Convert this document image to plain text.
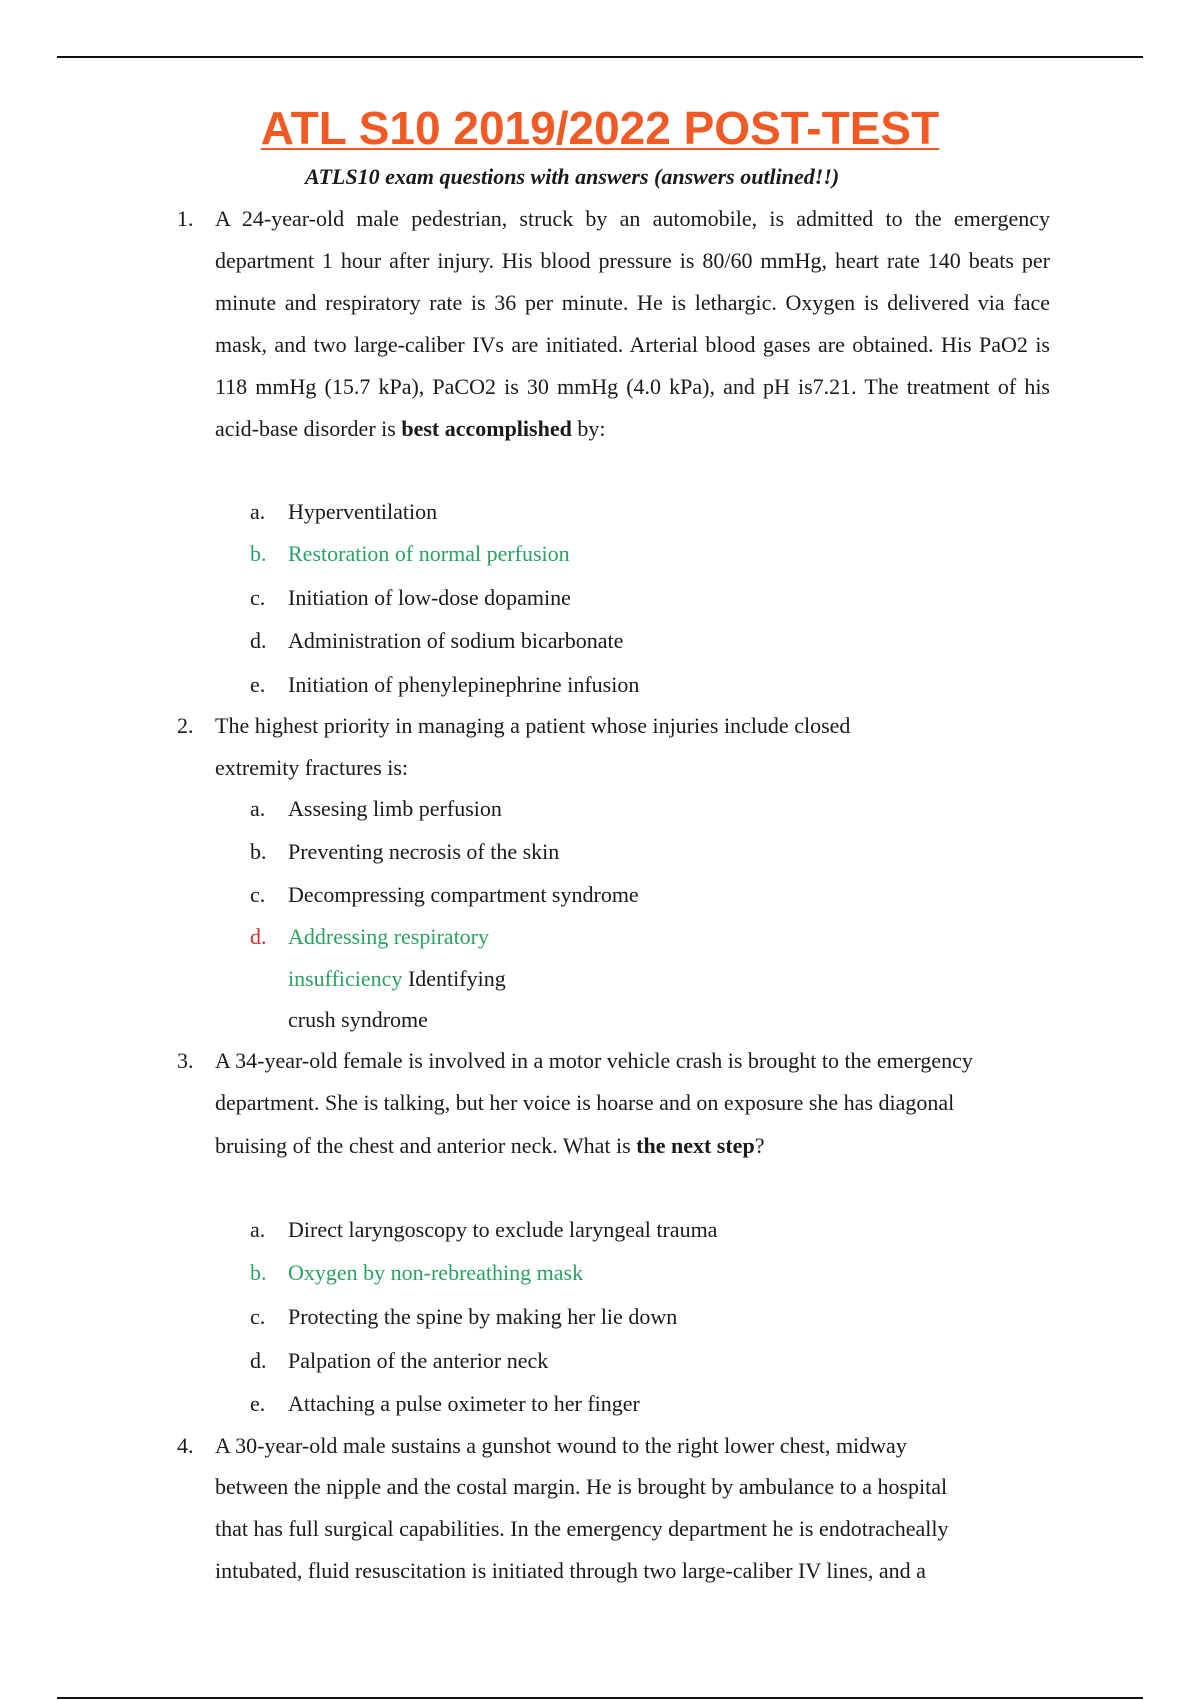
ATL S10 2019/2022 POST-TEST
ATLS10 exam questions with answers (answers outlined!!)
1. A 24-year-old male pedestrian, struck by an automobile, is admitted to the emergency department 1 hour after injury. His blood pressure is 80/60 mmHg, heart rate 140 beats per minute and respiratory rate is 36 per minute. He is lethargic. Oxygen is delivered via face mask, and two large-caliber IVs are initiated. Arterial blood gases are obtained. His PaO2 is 118 mmHg (15.7 kPa), PaCO2 is 30 mmHg (4.0 kPa), and pH is7.21. The treatment of his acid-base disorder is best accomplished by:

a. Hyperventilation
b. Restoration of normal perfusion
c. Initiation of low-dose dopamine
d. Administration of sodium bicarbonate
e. Initiation of phenylepinephrine infusion
2. The highest priority in managing a patient whose injuries include closed
extremity fractures is:
a. Assesing limb perfusion
b. Preventing necrosis of the skin
c. Decompressing compartment syndrome
d. Addressing respiratory
insufficiency Identifying
crush syndrome
3. A 34-year-old female is involved in a motor vehicle crash is brought to the emergency
department. She is talking, but her voice is hoarse and on exposure she has diagonal
bruising of the chest and anterior neck. What is the next step?
a. Direct laryngoscopy to exclude laryngeal trauma
b. Oxygen by non-rebreathing mask
c. Protecting the spine by making her lie down
d. Palpation of the anterior neck
e. Attaching a pulse oximeter to her finger
4. A 30-year-old male sustains a gunshot wound to the right lower chest, midway
between the nipple and the costal margin. He is brought by ambulance to a hospital
that has full surgical capabilities. In the emergency department he is endotracheally
intubated, fluid resuscitation is initiated through two large-caliber IV lines, and a
